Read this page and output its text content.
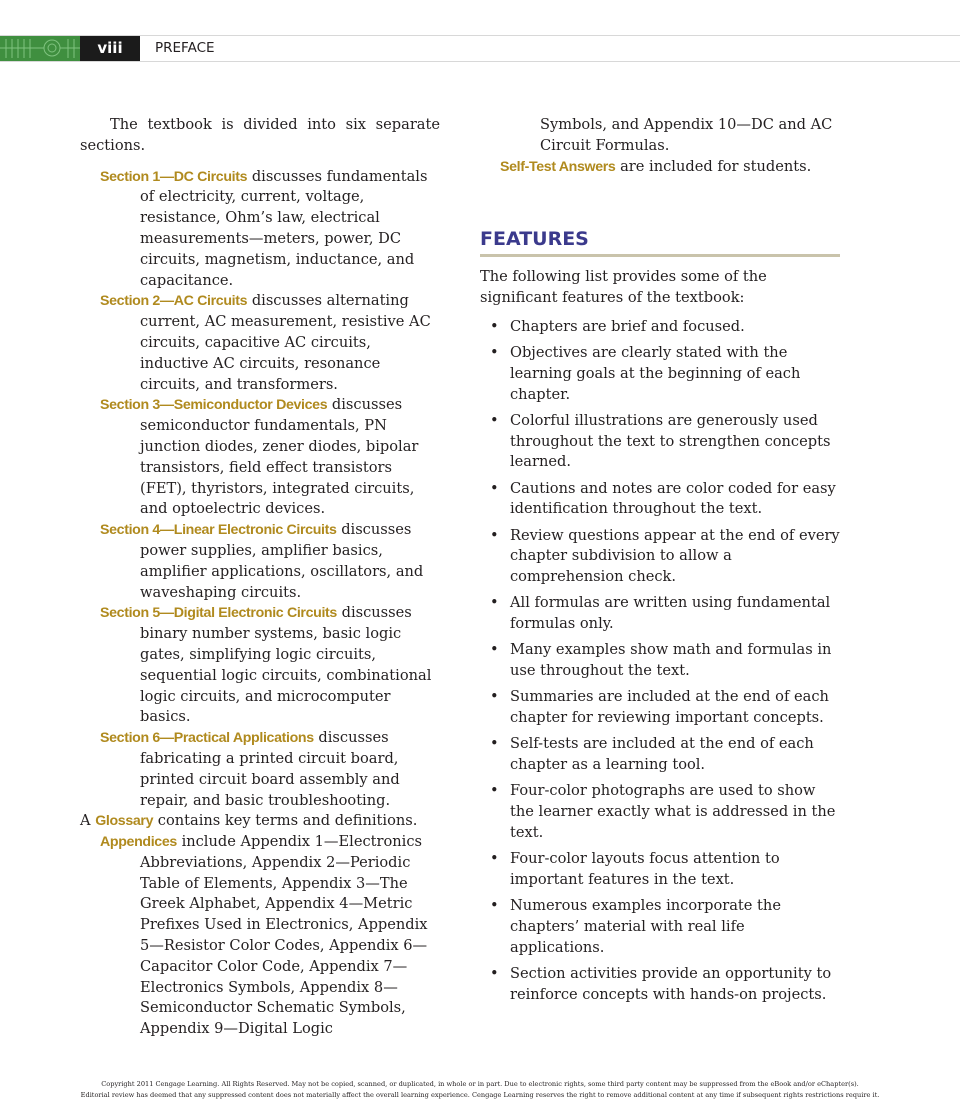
viii	PREFACE

The textbook is divided into six separate sections.

Section 1—DC Circuits discusses fundamentals of electricity, current, voltage, resistance, Ohm’s law, electrical measurements—meters, power, DC circuits, magnetism, inductance, and capacitance.

Section 2—AC Circuits discusses alternating current, AC measurement, resistive AC circuits, capacitive AC circuits, inductive AC circuits, resonance circuits, and transformers.

Section 3—Semiconductor Devices discusses semiconductor fundamentals, PN junction diodes, zener diodes, bipolar transistors, field effect transistors (FET), thyristors, integrated circuits, and optoelectric devices.

Section 4—Linear Electronic Circuits discusses power supplies, amplifier basics, amplifier applications, oscillators, and waveshaping circuits.

Section 5—Digital Electronic Circuits discusses binary number systems, basic logic gates, simplifying logic circuits, sequential logic circuits, combinational logic circuits, and microcomputer basics.

Section 6—Practical Applications discusses fabricating a printed circuit board, printed circuit board assembly and repair, and basic troubleshooting.

A Glossary contains key terms and definitions.

Appendices include Appendix 1—Electronics Abbreviations, Appendix 2—Periodic Table of Elements, Appendix 3—The Greek Alphabet, Appendix 4—Metric Prefixes Used in Electronics, Appendix 5—Resistor Color Codes, Appendix 6—Capacitor Color Code, Appendix 7—Electronics Symbols, Appendix 8—Semiconductor Schematic Symbols, Appendix 9—Digital Logic

Symbols, and Appendix 10—DC and AC Circuit Formulas.

Self-Test Answers are included for students.

FEATURES

The following list provides some of the significant features of the textbook:

• Chapters are brief and focused.
• Objectives are clearly stated with the learning goals at the beginning of each chapter.
• Colorful illustrations are generously used throughout the text to strengthen concepts learned.
• Cautions and notes are color coded for easy identification throughout the text.
• Review questions appear at the end of every chapter subdivision to allow a comprehension check.
• All formulas are written using fundamental formulas only.
• Many examples show math and formulas in use throughout the text.
• Summaries are included at the end of each chapter for reviewing important concepts.
• Self-tests are included at the end of each chapter as a learning tool.
• Four-color photographs are used to show the learner exactly what is addressed in the text.
• Four-color layouts focus attention to important features in the text.
• Numerous examples incorporate the chapters’ material with real life applications.
• Section activities provide an opportunity to reinforce concepts with hands-on projects.
Copyright 2011 Cengage Learning. All Rights Reserved. May not be copied, scanned, or duplicated, in whole or in part. Due to electronic rights, some third party content may be suppressed from the eBook and/or eChapter(s).
Editorial review has deemed that any suppressed content does not materially affect the overall learning experience. Cengage Learning reserves the right to remove additional content at any time if subsequent rights restrictions require it.
